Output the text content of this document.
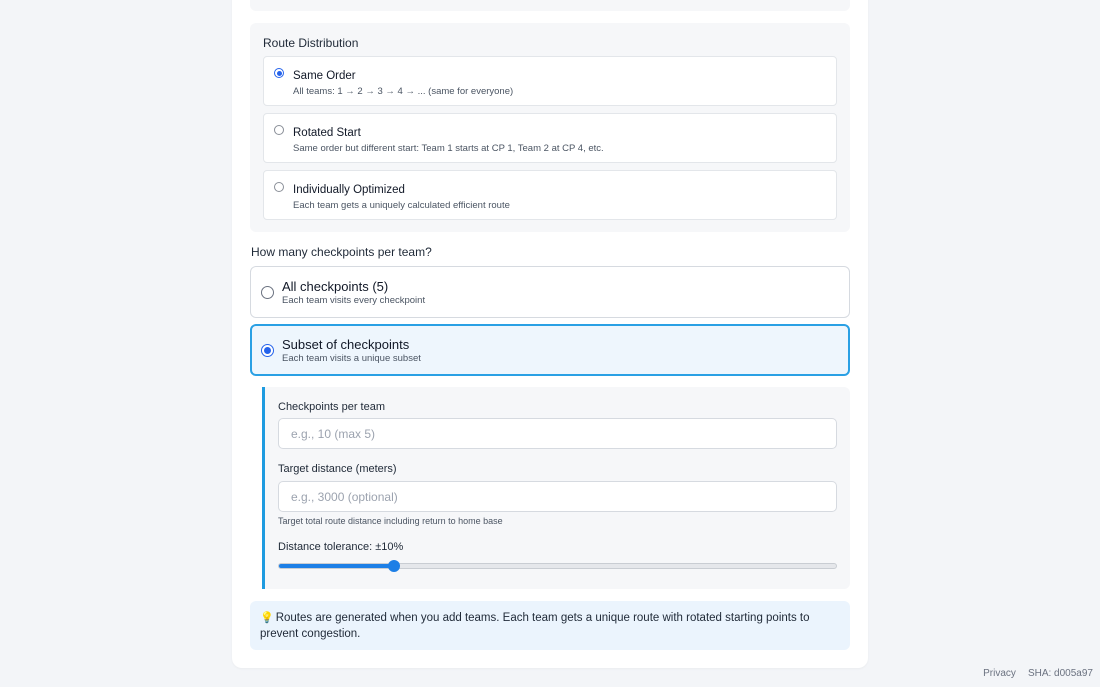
Route Distribution
Same Order
All teams: 1 → 2 → 3 → 4 → ... (same for everyone)
Rotated Start
Same order but different start: Team 1 starts at CP 1, Team 2 at CP 4, etc.
Individually Optimized
Each team gets a uniquely calculated efficient route
How many checkpoints per team?
All checkpoints (5)
Each team visits every checkpoint
Subset of checkpoints
Each team visits a unique subset
Checkpoints per team
e.g., 10 (max 5)
Target distance (meters)
e.g., 3000 (optional)
Target total route distance including return to home base
Distance tolerance: ±10%
💡 Routes are generated when you add teams. Each team gets a unique route with rotated starting points to prevent congestion.
Privacy SHA: d005a97
